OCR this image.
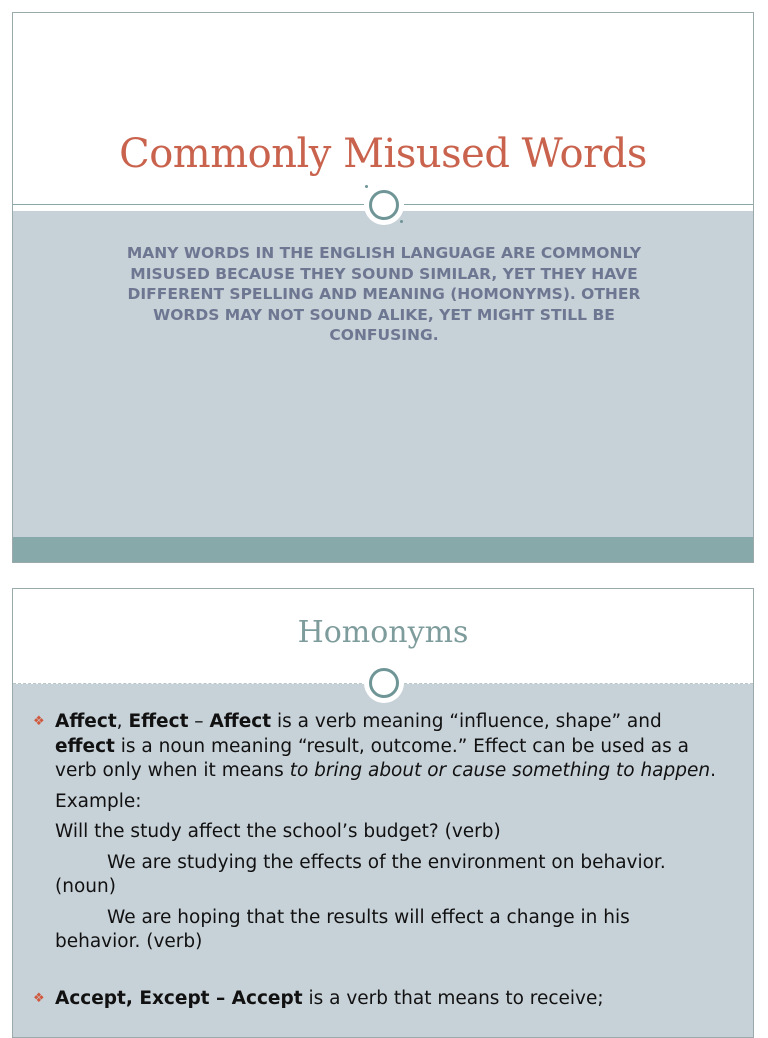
Commonly Misused Words
MANY WORDS IN THE ENGLISH LANGUAGE ARE COMMONLY MISUSED BECAUSE THEY SOUND SIMILAR, YET THEY HAVE DIFFERENT SPELLING AND MEANING (HOMONYMS). OTHER WORDS MAY NOT SOUND ALIKE, YET MIGHT STILL BE CONFUSING.
Homonyms
❖ Affect, Effect – Affect is a verb meaning “influence, shape” and effect is a noun meaning “result, outcome.” Effect can be used as a verb only when it means to bring about or cause something to happen.

Example:

Will the study affect the school’s budget? (verb)

We are studying the effects of the environment on behavior.
(noun)

We are hoping that the results will effect a change in his
behavior. (verb)

❖ Accept, Except – Accept is a verb that means to receive;
